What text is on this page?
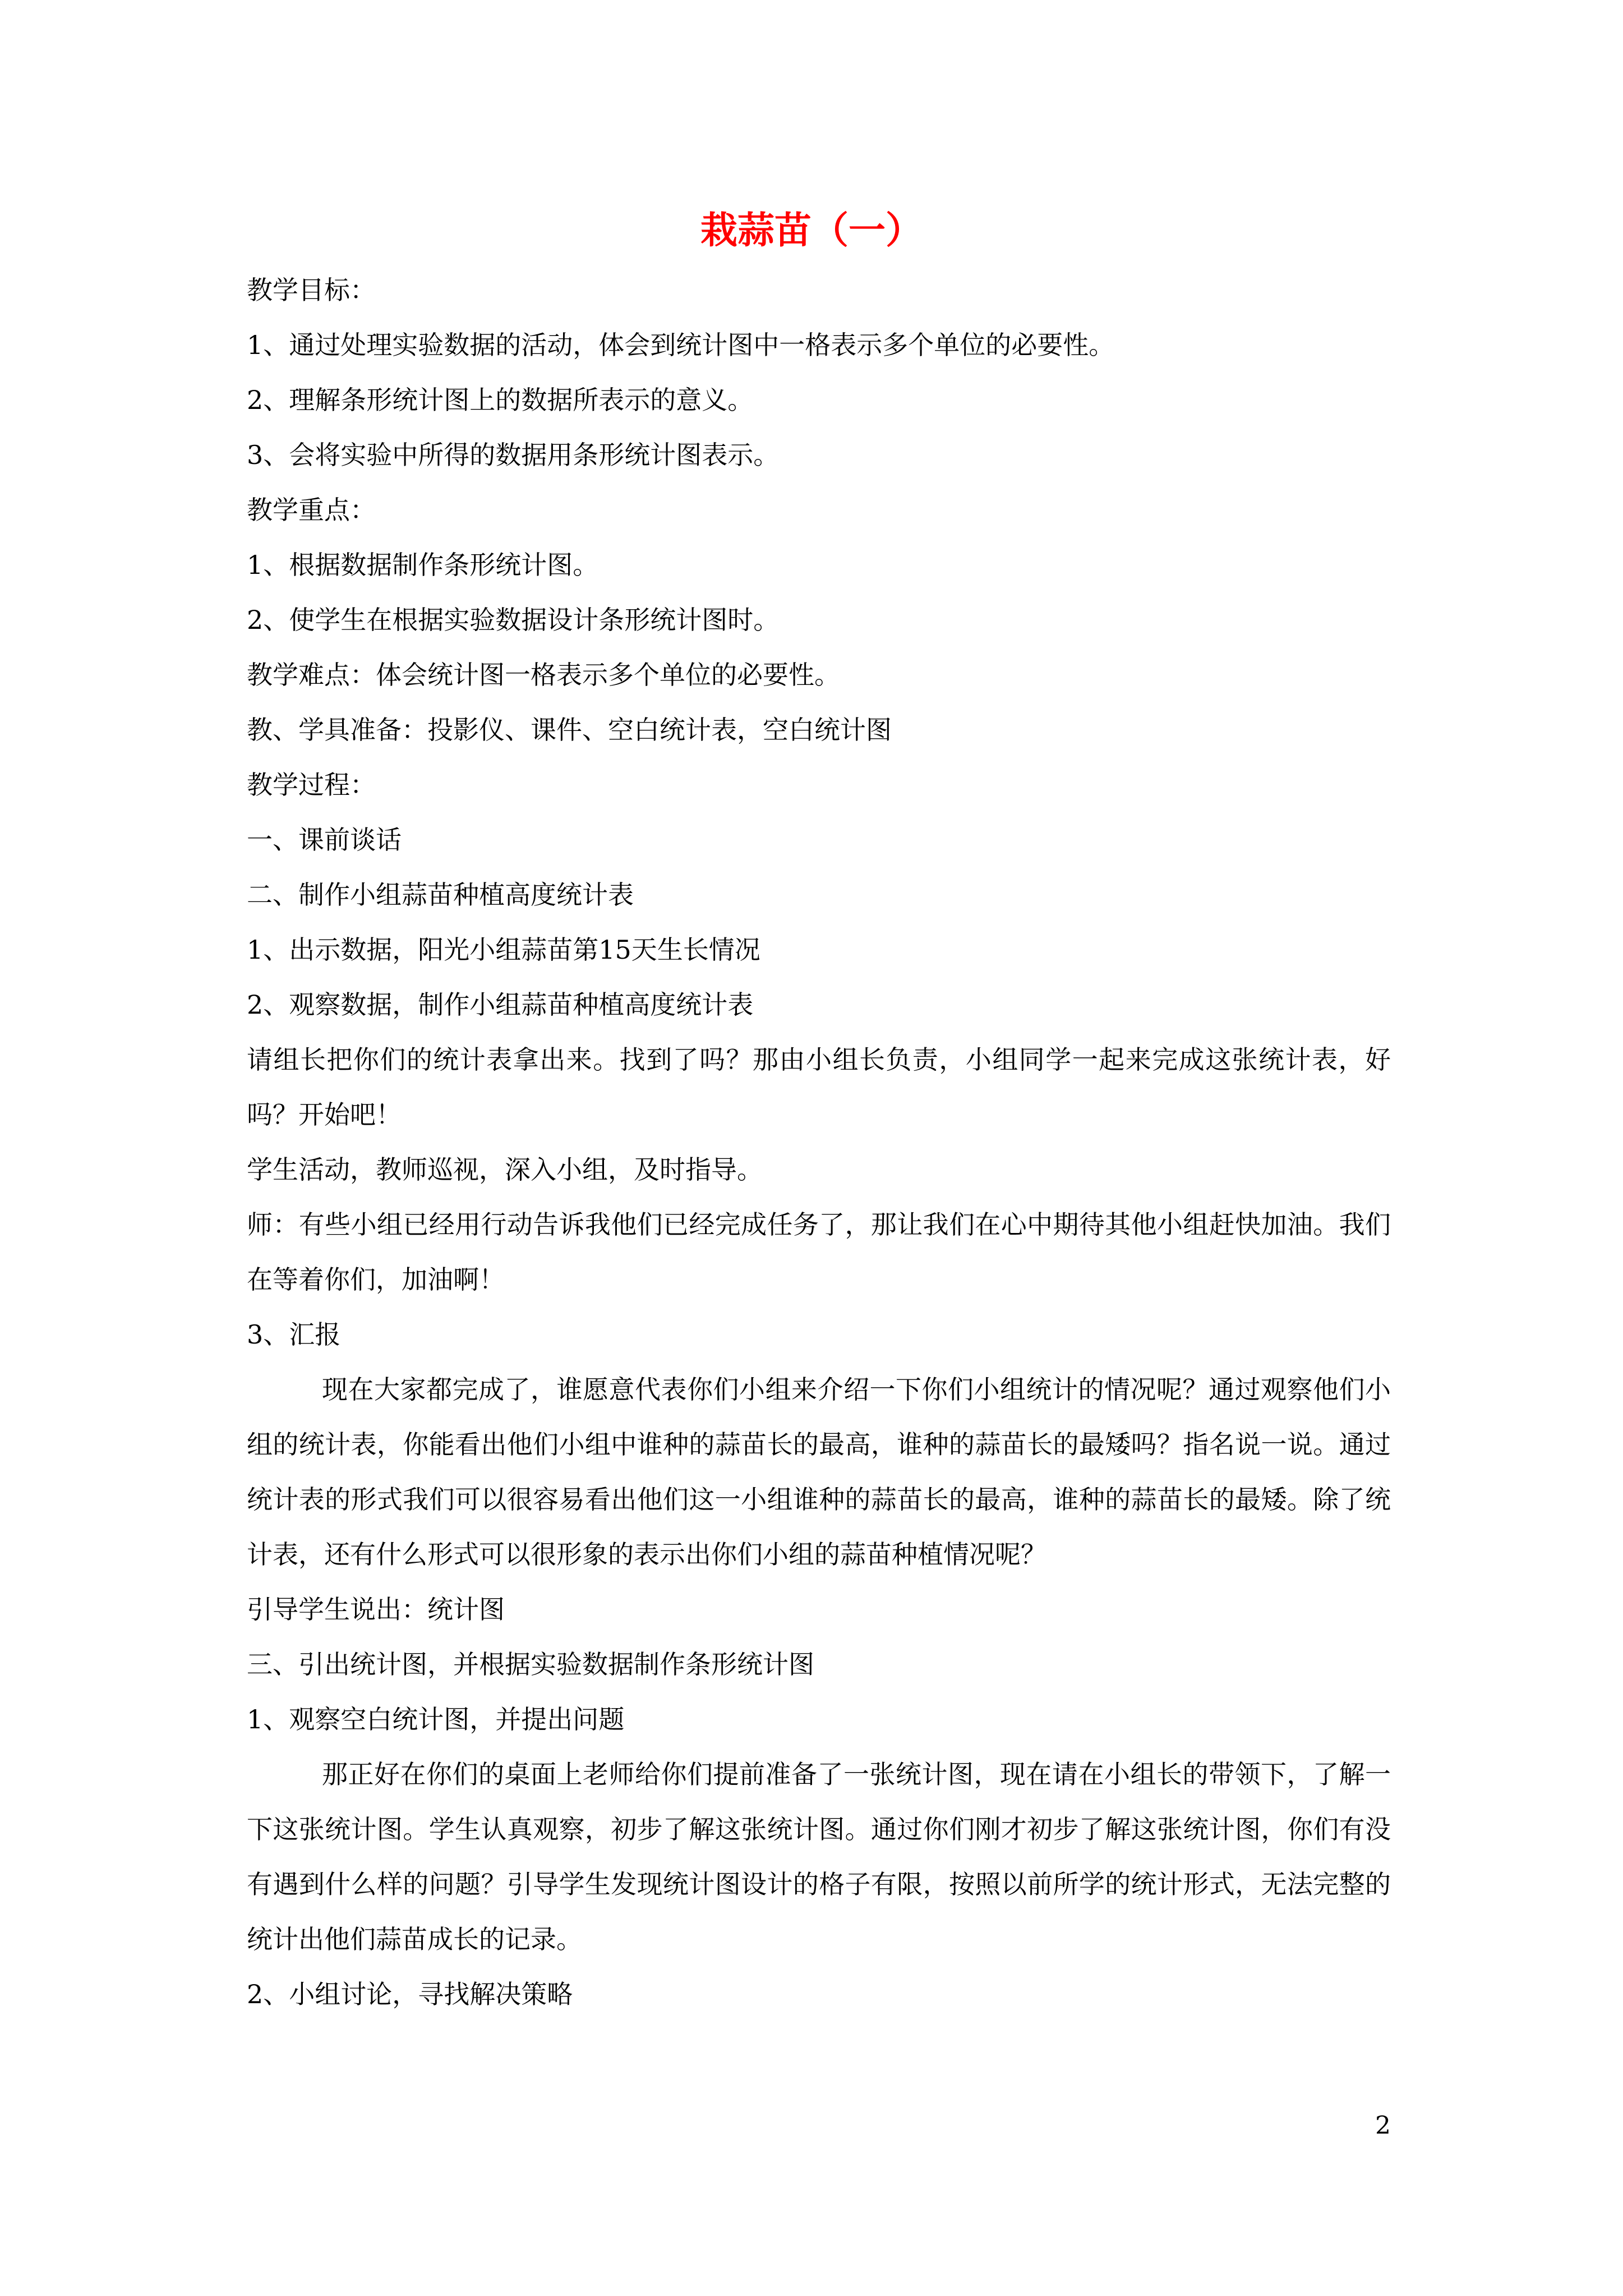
栽蒜苗（一）

教学目标：

1、通过处理实验数据的活动，体会到统计图中一格表示多个单位的必要性。

2、理解条形统计图上的数据所表示的意义。

3、会将实验中所得的数据用条形统计图表示。

教学重点：

1、根据数据制作条形统计图。

2、使学生在根据实验数据设计条形统计图时。

教学难点：体会统计图一格表示多个单位的必要性。

教、学具准备：投影仪、课件、空白统计表，空白统计图

教学过程：

一、课前谈话

二、制作小组蒜苗种植高度统计表

1、出示数据，阳光小组蒜苗第15天生长情况

2、观察数据，制作小组蒜苗种植高度统计表

请组长把你们的统计表拿出来。找到了吗？那由小组长负责，小组同学一起来完成这张统计表，好吗？开始吧！

学生活动，教师巡视，深入小组，及时指导。

师：有些小组已经用行动告诉我他们已经完成任务了，那让我们在心中期待其他小组赶快加油。我们在等着你们，加油啊！

3、汇报

现在大家都完成了，谁愿意代表你们小组来介绍一下你们小组统计的情况呢？通过观察他们小组的统计表，你能看出他们小组中谁种的蒜苗长的最高，谁种的蒜苗长的最矮吗？指名说一说。通过统计表的形式我们可以很容易看出他们这一小组谁种的蒜苗长的最高，谁种的蒜苗长的最矮。除了统计表，还有什么形式可以很形象的表示出你们小组的蒜苗种植情况呢？

引导学生说出：统计图

三、引出统计图，并根据实验数据制作条形统计图

1、观察空白统计图，并提出问题

那正好在你们的桌面上老师给你们提前准备了一张统计图，现在请在小组长的带领下，了解一下这张统计图。学生认真观察，初步了解这张统计图。通过你们刚才初步了解这张统计图，你们有没有遇到什么样的问题？引导学生发现统计图设计的格子有限，按照以前所学的统计形式，无法完整的统计出他们蒜苗成长的记录。

2、小组讨论，寻找解决策略

2
